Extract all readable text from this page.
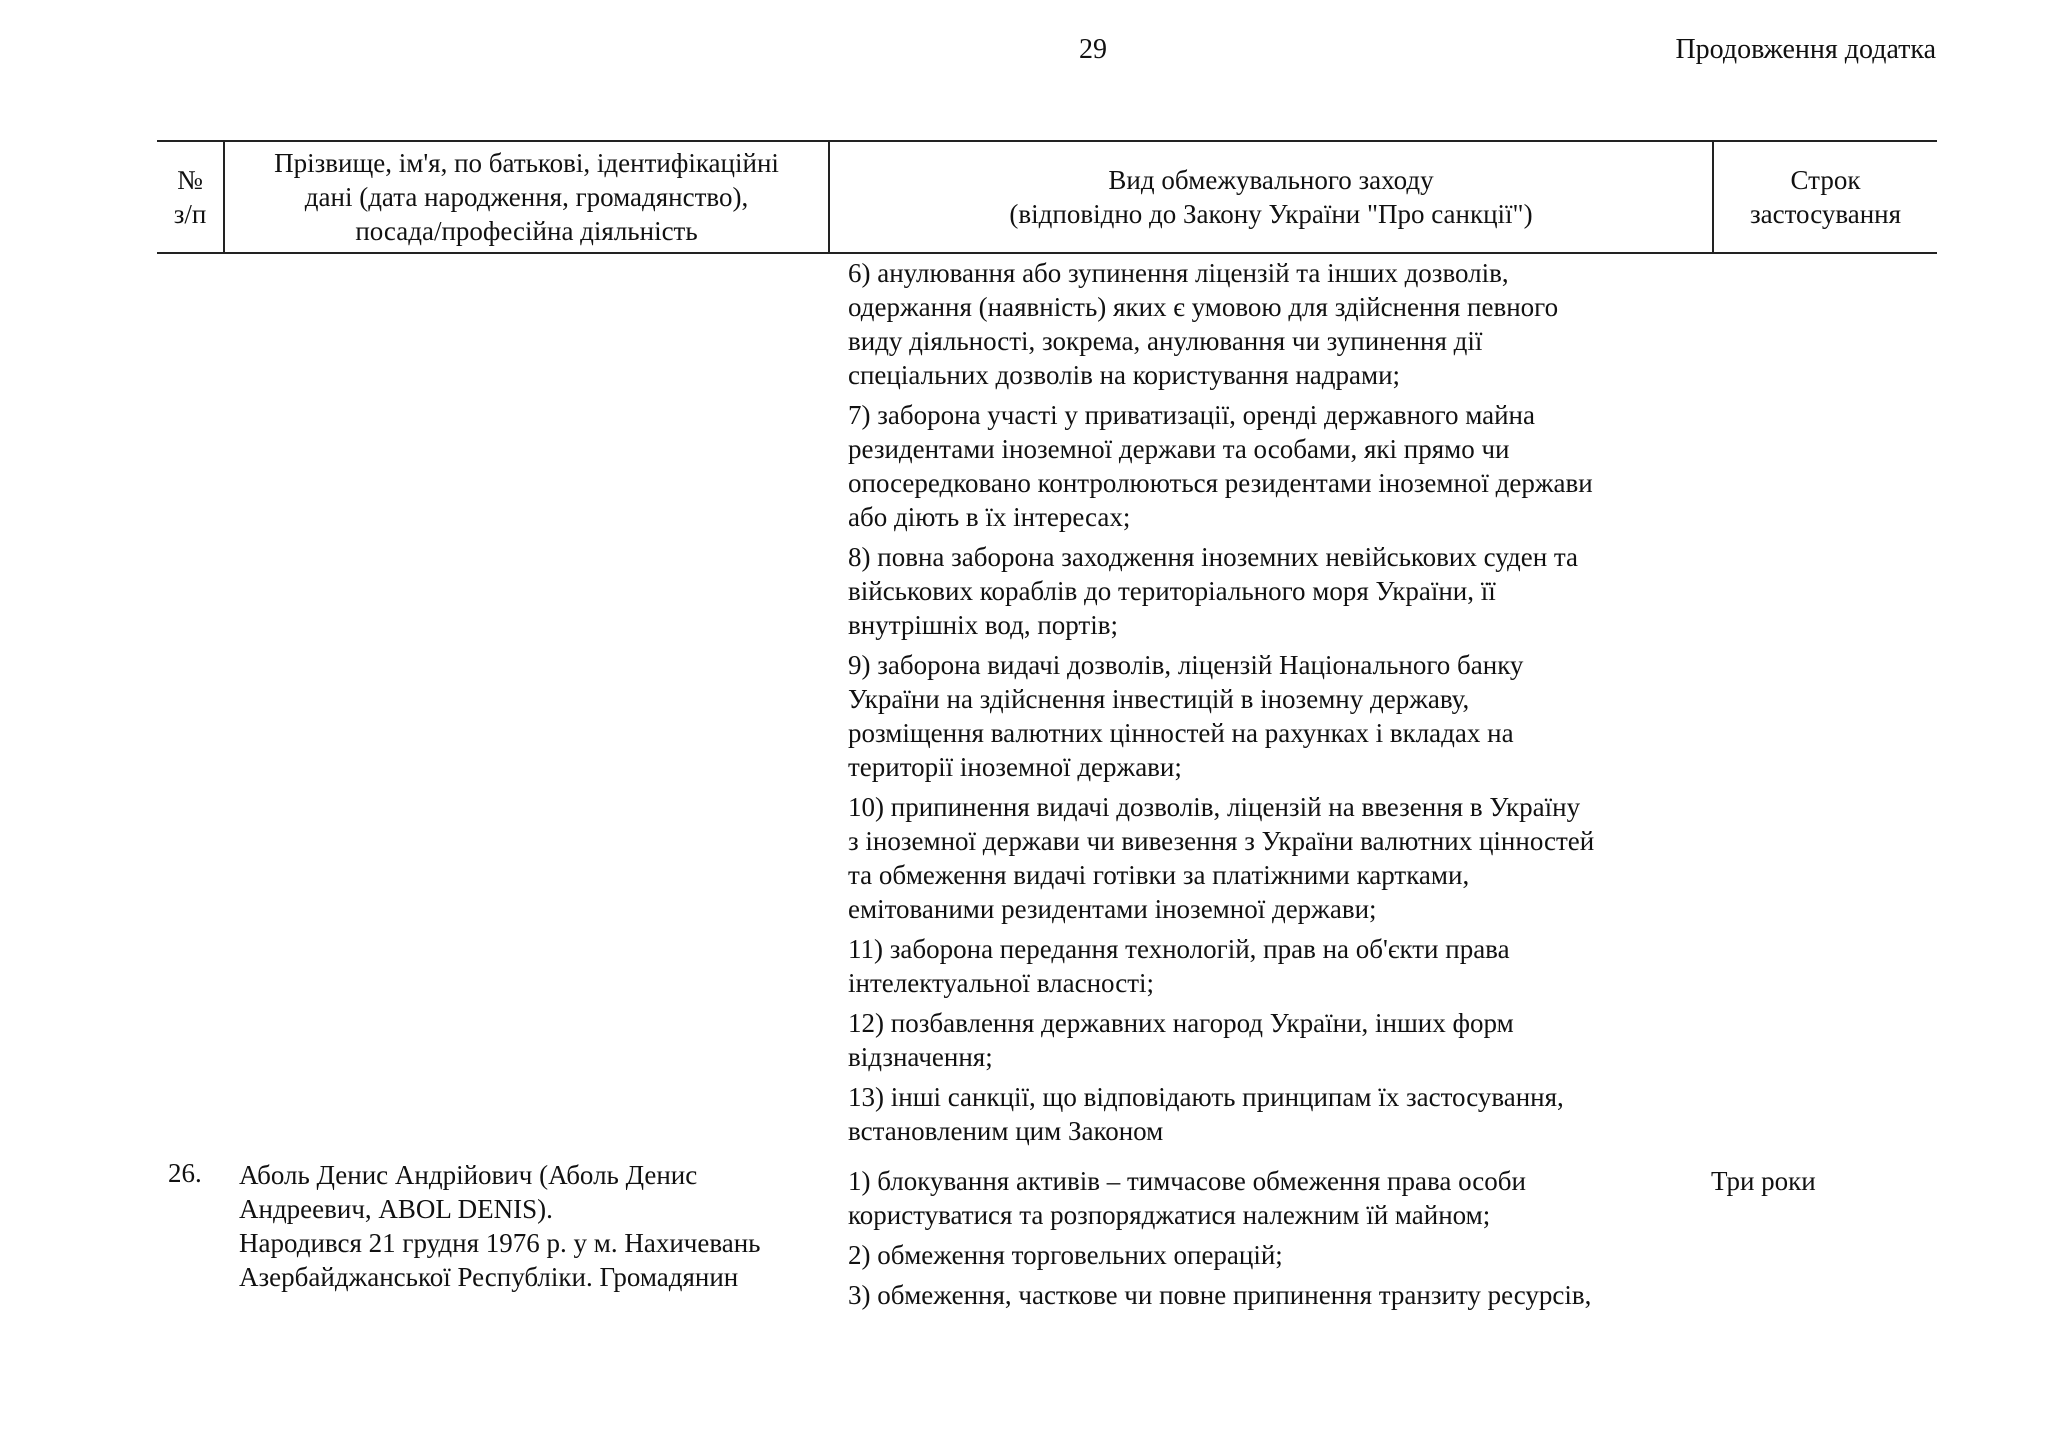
29	Продовження додатка
№
з/п
Прізвище, ім'я, по батькові, ідентифікаційні
дані (дата народження, громадянство),
посада/професійна діяльність
Вид обмежувального заходу
(відповідно до Закону України "Про санкції")
Строк
застосування
6) анулювання або зупинення ліцензій та інших дозволів,
одержання (наявність) яких є умовою для здійснення певного
виду діяльності, зокрема, анулювання чи зупинення дії
спеціальних дозволів на користування надрами;
7) заборона участі у приватизації, оренді державного майна
резидентами іноземної держави та особами, які прямо чи
опосередковано контролюються резидентами іноземної держави
або діють в їх інтересах;
8) повна заборона заходження іноземних невійськових суден та
військових кораблів до територіального моря України, її
внутрішніх вод, портів;
9) заборона видачі дозволів, ліцензій Національного банку
України на здійснення інвестицій в іноземну державу,
розміщення валютних цінностей на рахунках і вкладах на
території іноземної держави;
10) припинення видачі дозволів, ліцензій на ввезення в Україну
з іноземної держави чи вивезення з України валютних цінностей
та обмеження видачі готівки за платіжними картками,
емітованими резидентами іноземної держави;
11) заборона передання технологій, прав на об'єкти права
інтелектуальної власності;
12) позбавлення державних нагород України, інших форм
відзначення;
13) інші санкції, що відповідають принципам їх застосування,
встановленим цим Законом
26. Аболь Денис Андрійович (Аболь Денис
Андреевич, ABOL DENIS).
Народився 21 грудня 1976 р. у м. Нахичевань
Азербайджанської Республіки. Громадянин
1) блокування активів – тимчасове обмеження права особи
користуватися та розпоряджатися належним їй майном;
2) обмеження торговельних операцій;
3) обмеження, часткове чи повне припинення транзиту ресурсів,
Три роки
